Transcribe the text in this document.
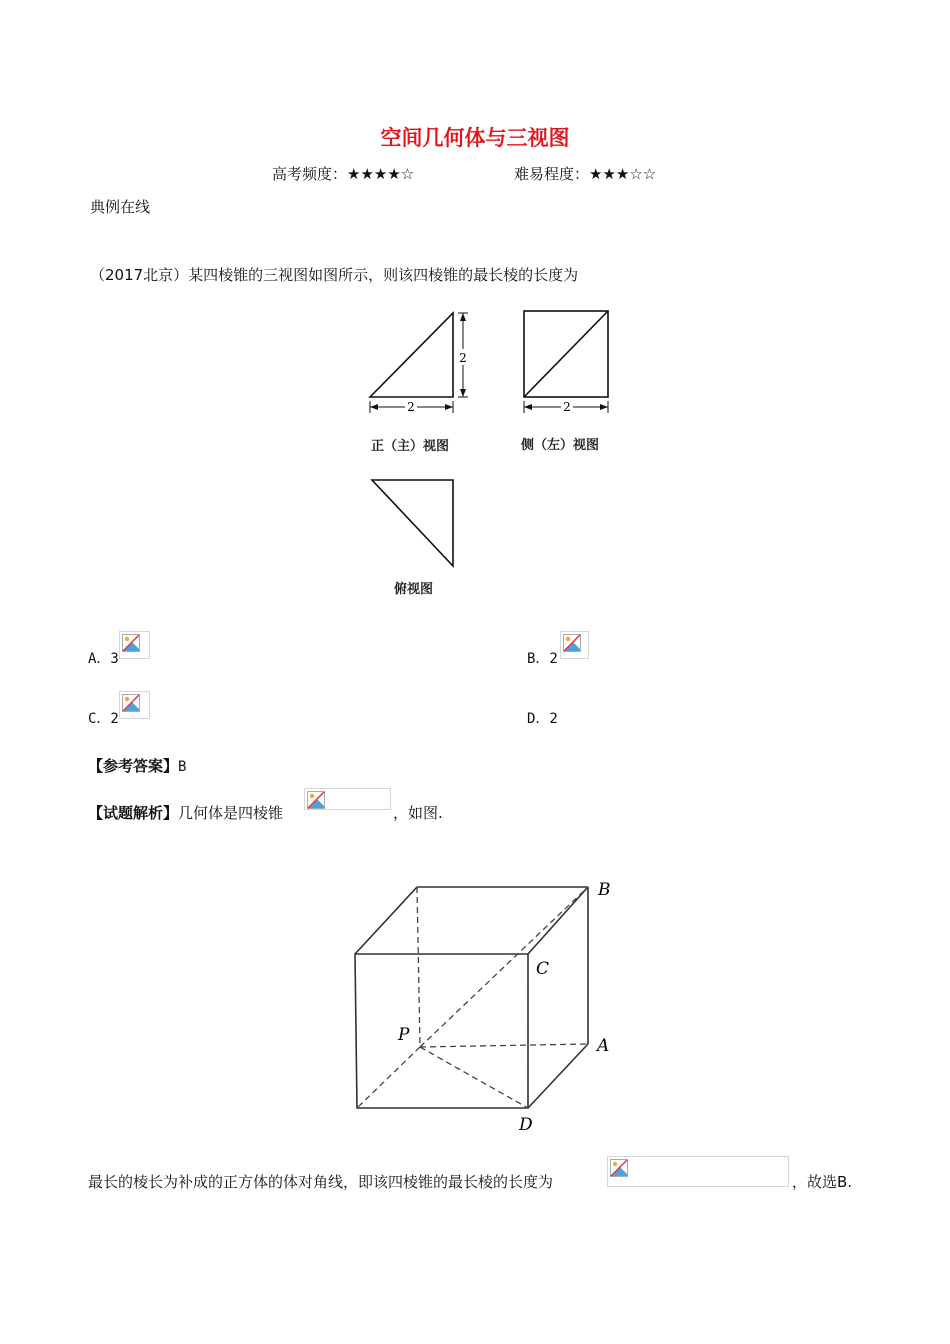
空间几何体与三视图
高考频度：★★★★☆	难易程度：★★★☆☆
典例在线
（2017北京）某四棱锥的三视图如图所示，则该四棱锥的最长棱的长度为
2
2	2
正（主）视图	侧（左）视图
俯视图
A．3	B．2
C．2	D．2
【参考答案】B
【试题解析】几何体是四棱锥	，如图.
B
C
P
A
D
最长的棱长为补成的正方体的体对角线，即该四棱锥的最长棱的长度为	，故选B.
